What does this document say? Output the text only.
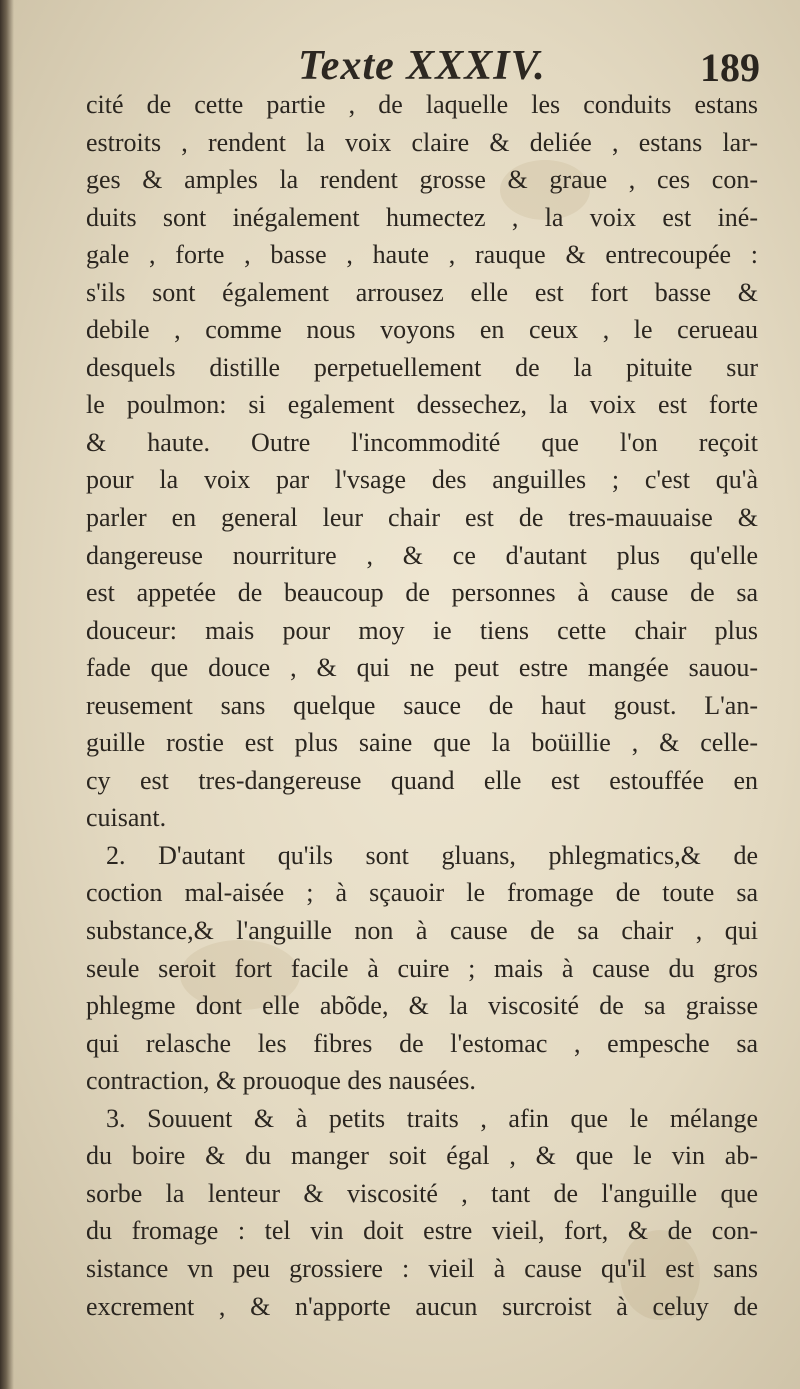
Texte XXXIV.	189
cité de cette partie , de laquelle les conduits estans
estroits , rendent la voix claire & deliée , estans lar-
ges & amples la rendent grosse & graue , ces con-
duits sont inégalement humectez , la voix est iné-
gale , forte , basse , haute , rauque & entrecoupée :
s'ils sont également arrousez elle est fort basse &
debile , comme nous voyons en ceux , le cerueau
desquels distille perpetuellement de la pituite sur
le poulmon: si egalement dessechez, la voix est forte
& haute. Outre l'incommodité que l'on reçoit
pour la voix par l'vsage des anguilles ; c'est qu'à
parler en general leur chair est de tres-mauuaise &
dangereuse nourriture , & ce d'autant plus qu'elle
est appetée de beaucoup de personnes à cause de sa
douceur: mais pour moy ie tiens cette chair plus
fade que douce , & qui ne peut estre mangée sauou-
reusement sans quelque sauce de haut goust. L'an-
guille rostie est plus saine que la boüillie , & celle-
cy est tres-dangereuse quand elle est estouffée en
cuisant.
2. D'autant qu'ils sont gluans, phlegmatics,& de
coction mal-aisée ; à sçauoir le fromage de toute sa
substance,& l'anguille non à cause de sa chair , qui
seule seroit fort facile à cuire ; mais à cause du gros
phlegme dont elle abõde, & la viscosité de sa graisse
qui relasche les fibres de l'estomac , empesche sa
contraction, & prouoque des nausées.
3. Souuent & à petits traits , afin que le mélange
du boire & du manger soit égal , & que le vin ab-
sorbe la lenteur & viscosité , tant de l'anguille que
du fromage : tel vin doit estre vieil, fort, & de con-
sistance vn peu grossiere : vieil à cause qu'il est sans
excrement , & n'apporte aucun surcroist à celuy de
